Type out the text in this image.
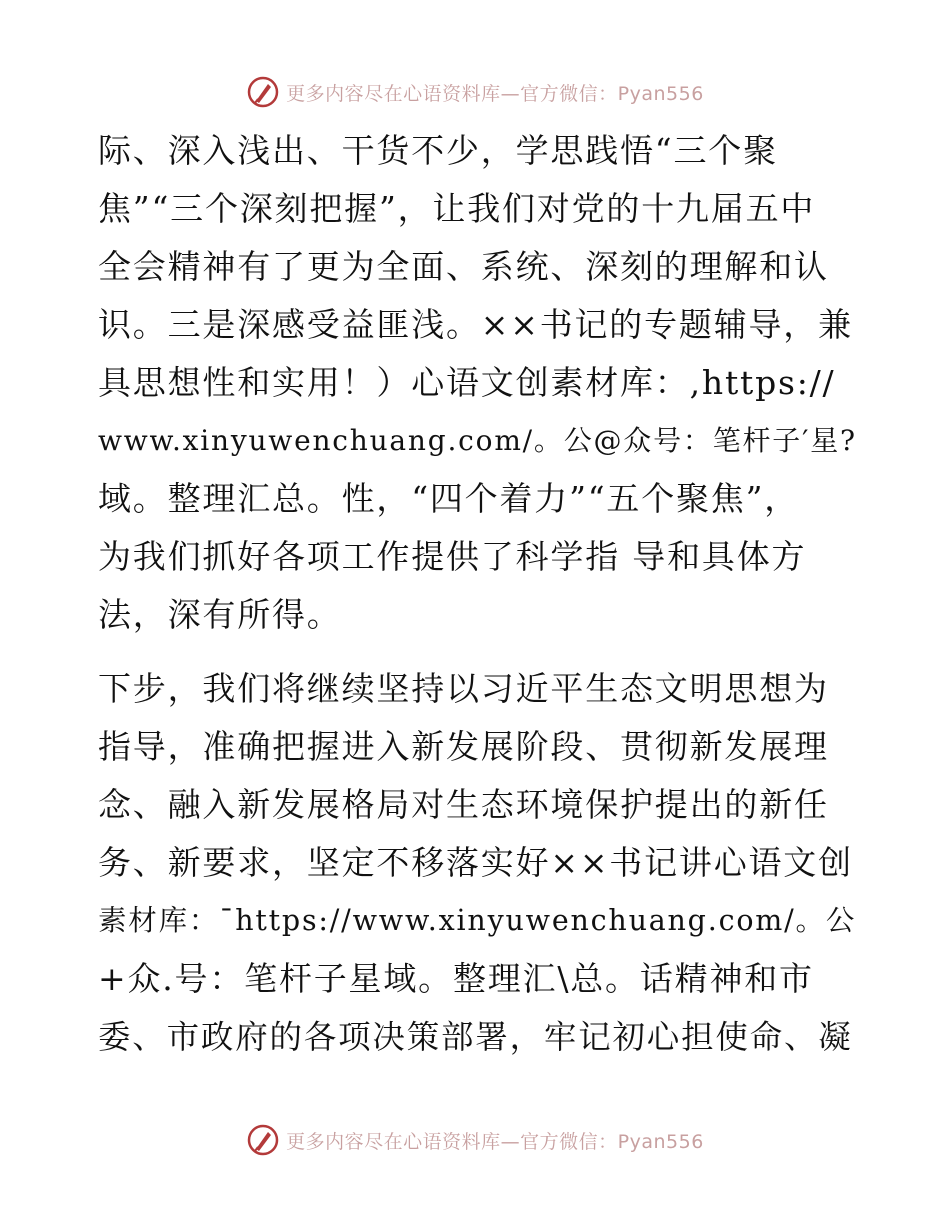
更多内容尽在心语资料库—官方微信：Pyan556
际、深入浅出、干货不少，学思践悟“三个聚
焦”“三个深刻把握”，让我们对党的十九届五中
全会精神有了更为全面、系统、深刻的理解和认
识。三是深感受益匪浅。××书记的专题辅导，兼
具思想性和实用！）心语文创素材库：,https://
www.xinyuwenchuang.com/。公@众号：笔杆子′星?
域。整理汇总。性，“四个着力”“五个聚焦”，
为我们抓好各项工作提供了科学指 导和具体方
法，深有所得。
下步，我们将继续坚持以习近平生态文明思想为
指导，准确把握进入新发展阶段、贯彻新发展理
念、融入新发展格局对生态环境保护提出的新任
务、新要求，坚定不移落实好××书记讲心语文创
素材库：¯https://www.xinyuwenchuang.com/。公
+众.号：笔杆子星域。整理汇\总。话精神和市
委、市政府的各项决策部署，牢记初心担使命、凝
更多内容尽在心语资料库—官方微信：Pyan556
